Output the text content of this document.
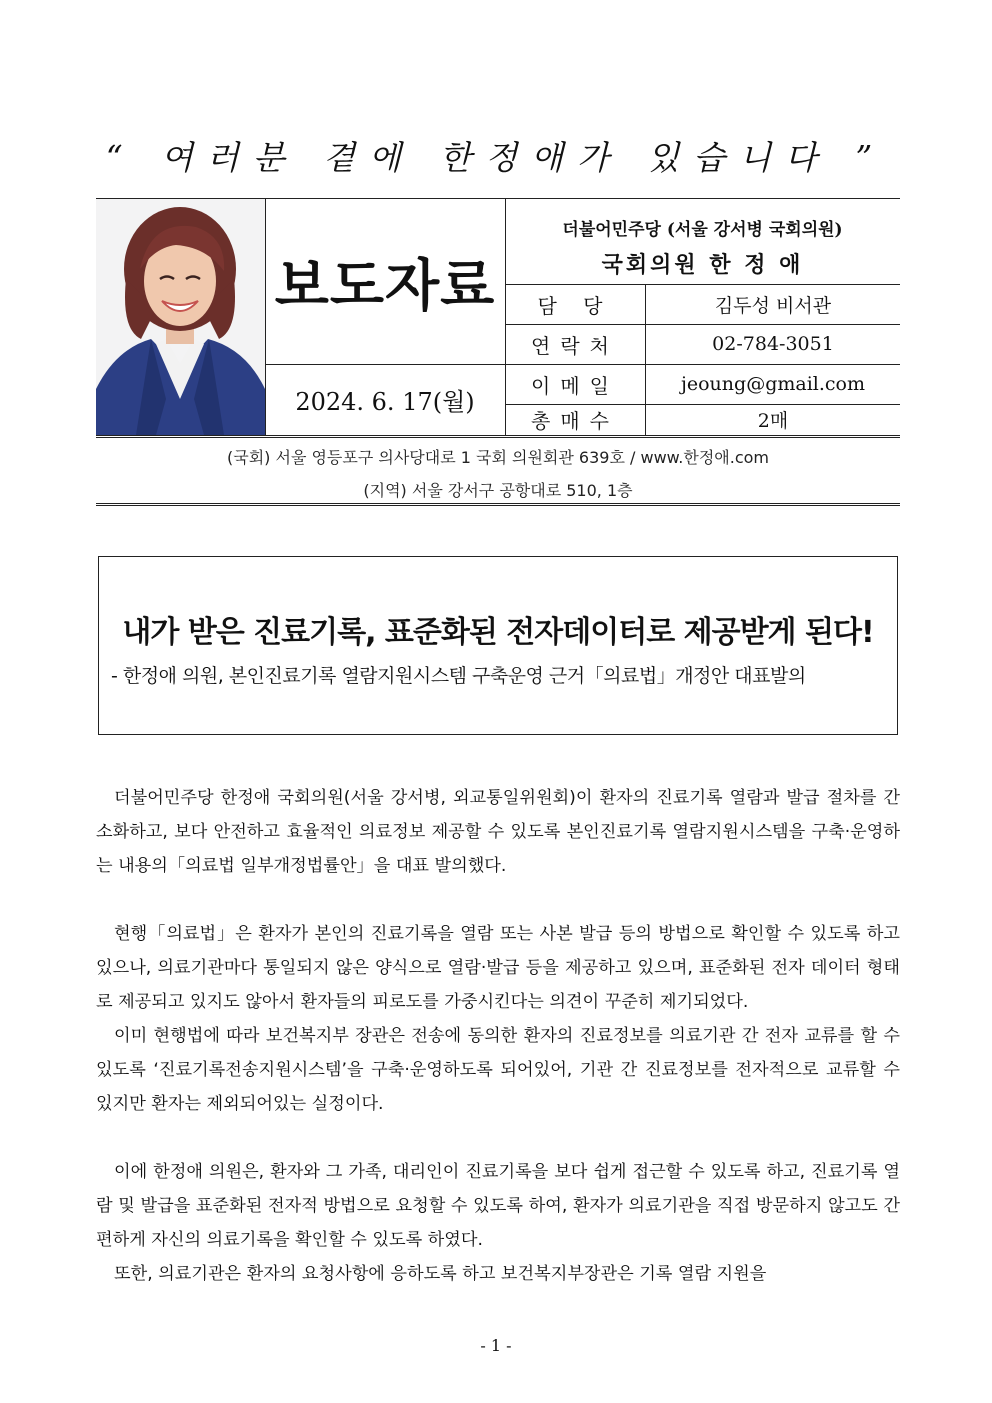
“ 여러분 곁에 한정애가 있습니다 ”
보도자료
2024. 6. 17(월)
더불어민주당 (서울 강서병 국회의원)
국회의원 한 정 애
담 당	김두성 비서관
연락처	02-784-3051
이메일	jeoung@gmail.com
총매수	2매
(국회) 서울 영등포구 의사당대로 1 국회 의원회관 639호 / www.한정애.com
(지역) 서울 강서구 공항대로 510, 1층
내가 받은 진료기록, 표준화된 전자데이터로 제공받게 된다!
- 한정애 의원, 본인진료기록 열람지원시스템 구축운영 근거「의료법」개정안 대표발의

더불어민주당 한정애 국회의원(서울 강서병, 외교통일위원회)이 환자의 진료기록 열람과 발급 절차를 간소화하고, 보다 안전하고 효율적인 의료정보 제공할 수 있도록 본인진료기록 열람지원시스템을 구축·운영하는 내용의「의료법 일부개정법률안」을 대표 발의했다.

현행「의료법」은 환자가 본인의 진료기록을 열람 또는 사본 발급 등의 방법으로 확인할 수 있도록 하고 있으나, 의료기관마다 통일되지 않은 양식으로 열람·발급 등을 제공하고 있으며, 표준화된 전자 데이터 형태로 제공되고 있지도 않아서 환자들의 피로도를 가중시킨다는 의견이 꾸준히 제기되었다.

이미 현행법에 따라 보건복지부 장관은 전송에 동의한 환자의 진료정보를 의료기관 간 전자 교류를 할 수 있도록 ‘진료기록전송지원시스템’을 구축·운영하도록 되어있어, 기관 간 진료정보를 전자적으로 교류할 수 있지만 환자는 제외되어있는 실정이다.

이에 한정애 의원은, 환자와 그 가족, 대리인이 진료기록을 보다 쉽게 접근할 수 있도록 하고, 진료기록 열람 및 발급을 표준화된 전자적 방법으로 요청할 수 있도록 하여, 환자가 의료기관을 직접 방문하지 않고도 간편하게 자신의 의료기록을 확인할 수 있도록 하였다.

또한, 의료기관은 환자의 요청사항에 응하도록 하고 보건복지부장관은 기록 열람 지원을

- 1 -
